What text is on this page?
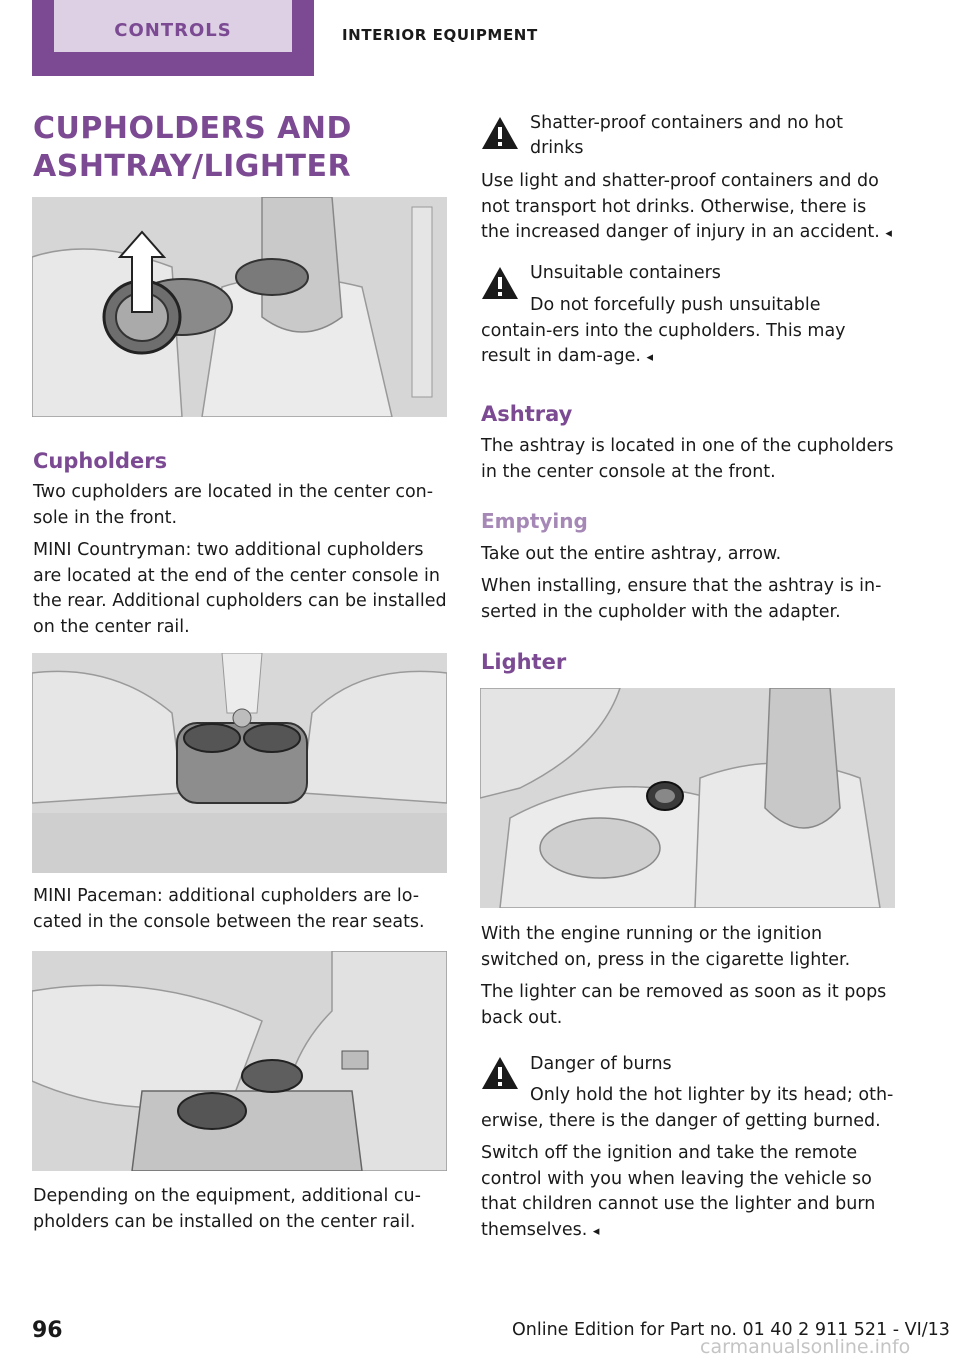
CONTROLS	INTERIOR EQUIPMENT
CUPHOLDERS AND ASHTRAY/LIGHTER
Cupholders

Two cupholders are located in the center con-sole in the front.

MINI Countryman: two additional cupholders are located at the end of the center console in the rear. Additional cupholders can be installed on the center rail.

MINI Paceman: additional cupholders are lo-cated in the console between the rear seats.

Depending on the equipment, additional cu-pholders can be installed on the center rail.

Shatter-proof containers and no hot drinks

Use light and shatter-proof containers and do not transport hot drinks. Otherwise, there is the increased danger of injury in an accident. ◂

Unsuitable containers

Do not forcefully push unsuitable contain-ers into the cupholders. This may result in dam-age. ◂

Ashtray

The ashtray is located in one of the cupholders in the center console at the front.

Emptying

Take out the entire ashtray, arrow.

When installing, ensure that the ashtray is in-serted in the cupholder with the adapter.

Lighter

With the engine running or the ignition switched on, press in the cigarette lighter.

The lighter can be removed as soon as it pops back out.

Danger of burns

Only hold the hot lighter by its head; oth-erwise, there is the danger of getting burned.

Switch off the ignition and take the remote control with you when leaving the vehicle so that children cannot use the lighter and burn themselves. ◂

96	Online Edition for Part no. 01 40 2 911 521 - VI/13
carmanualsonline.info
